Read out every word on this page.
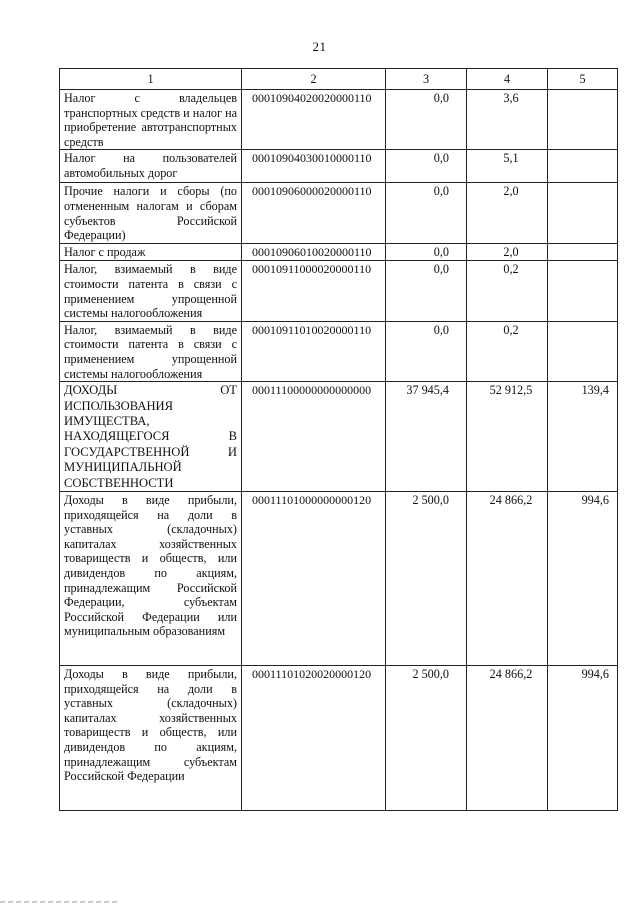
21
1	2	3	4	5
Налог с владельцев транспортных средств и налог на приобретение автотранспортных средств	00010904020020000110	0,0	3,6	
Налог на пользователей автомобильных дорог	00010904030010000110	0,0	5,1	
Прочие налоги и сборы (по отмененным налогам и сборам субъектов Российской Федерации)	00010906000020000110	0,0	2,0	
Налог с продаж	00010906010020000110	0,0	2,0	
Налог, взимаемый в виде стоимости патента в связи с применением упрощенной системы налогообложения	00010911000020000110	0,0	0,2	
Налог, взимаемый в виде стоимости патента в связи с применением упрощенной системы налогообложения	00010911010020000110	0,0	0,2	
ДОХОДЫ ОТ ИСПОЛЬЗОВАНИЯ ИМУЩЕСТВА, НАХОДЯЩЕГОСЯ В ГОСУДАРСТВЕННОЙ И МУНИЦИПАЛЬНОЙ СОБСТВЕННОСТИ	00011100000000000000	37 945,4	52 912,5	139,4
Доходы в виде прибыли, приходящейся на доли в уставных (складочных) капиталах хозяйственных товариществ и обществ, или дивидендов по акциям, принадлежащим Российской Федерации, субъектам Российской Федерации или муниципальным образованиям	00011101000000000120	2 500,0	24 866,2	994,6
Доходы в виде прибыли, приходящейся на доли в уставных (складочных) капиталах хозяйственных товариществ и обществ, или дивидендов по акциям, принадлежащим субъектам Российской Федерации	00011101020020000120	2 500,0	24 866,2	994,6
